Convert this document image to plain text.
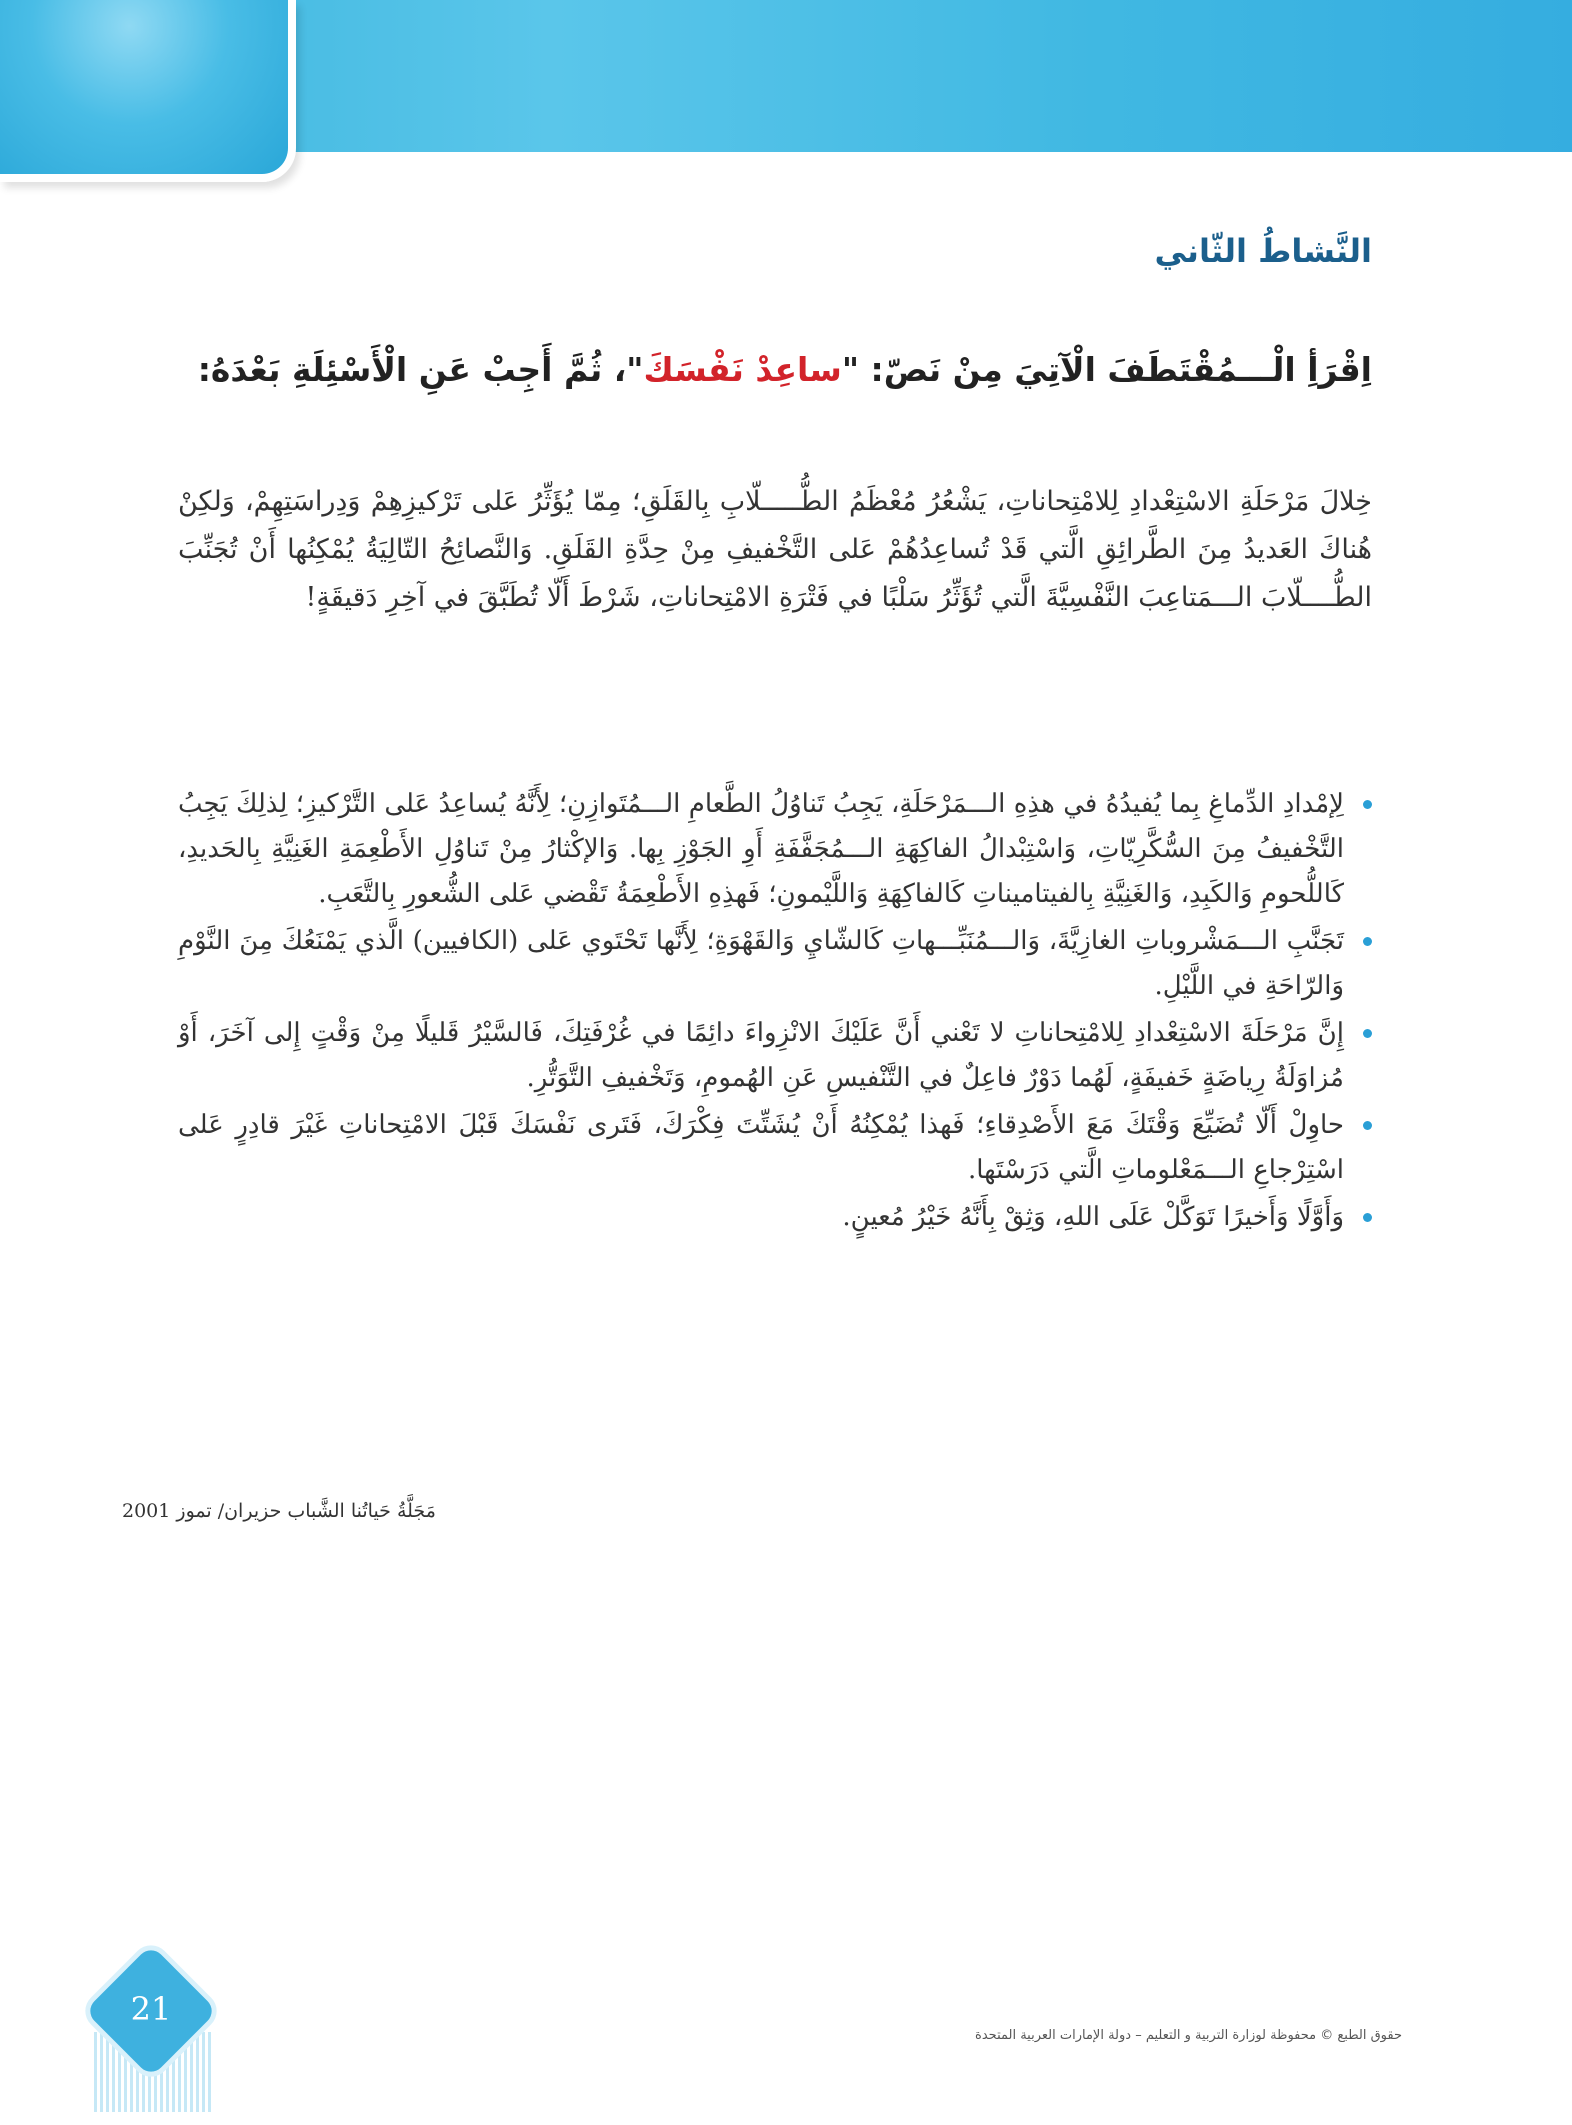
النَّشاطُ الثّاني

اِقْرَأِ الْـــمُقْتَطَفَ الْآتِيَ مِنْ نَصّ: "ساعِدْ نَفْسَكَ"، ثُمَّ أَجِبْ عَنِ الْأَسْئِلَةِ بَعْدَهُ:

خِلالَ مَرْحَلَةِ الاسْتِعْدادِ لِلامْتِحاناتِ، يَشْعُرُ مُعْظَمُ الطُّـــــلّابِ بِالقَلَقِ؛ مِمّا يُؤَثِّرُ عَلى تَرْكيزِهِمْ وَدِراسَتِهِمْ، وَلكِنْ هُناكَ العَديدُ مِنَ الطَّرائِقِ الَّتي قَدْ تُساعِدُهُمْ عَلى التَّخْفيفِ مِنْ حِدَّةِ القَلَقِ. وَالنَّصائِحُ التّالِيَةُ يُمْكِنُها أَنْ تُجَنِّبَ الطُّــــلّابَ الـــمَتاعِبَ النَّفْسِيَّةَ الَّتي تُؤَثِّرُ سَلْبًا في فَتْرَةِ الامْتِحاناتِ، شَرْطَ أَلّا تُطَبَّقَ في آخِرِ دَقيقَةٍ!

لِإمْدادِ الدِّماغِ بِما يُفيدُهُ في هذِهِ الـــمَرْحَلَةِ، يَجِبُ تَناوُلُ الطَّعامِ الـــمُتَوازِنِ؛ لِأَنَّهُ يُساعِدُ عَلى التَّرْكيزِ؛ لِذلِكَ يَجِبُ التَّخْفيفُ مِنَ السُّكَّرِيّاتِ، وَاسْتِبْدالُ الفاكِهَةِ الـــمُجَفَّفَةِ أَوِ الجَوْزِ بِها. وَالإكْثارُ مِنْ تَناوُلِ الأَطْعِمَةِ الغَنِيَّةِ بِالحَديدِ، كَاللُّحومِ وَالكَبِدِ، وَالغَنِيَّةِ بِالفيتاميناتِ كَالفاكِهَةِ وَاللَّيْمونِ؛ فَهذِهِ الأَطْعِمَةُ تَقْضي عَلى الشُّعورِ بِالتَّعَبِ.
تَجَنَّبِ الـــمَشْروباتِ الغازِيَّةَ، وَالـــمُنَبِّـــهاتِ كَالشّايِ وَالقَهْوَةِ؛ لِأَنَّها تَحْتَوي عَلى (الكافيين) الَّذي يَمْنَعُكَ مِنَ النَّوْمِ وَالرّاحَةِ في اللَّيْلِ.
إِنَّ مَرْحَلَةَ الاسْتِعْدادِ لِلامْتِحاناتِ لا تَعْني أَنَّ عَلَيْكَ الانْزِواءَ دائِمًا في غُرْفَتِكَ، فَالسَّيْرُ قَليلًا مِنْ وَقْتٍ إِلى آخَرَ، أَوْ مُزاوَلَةُ رِياضَةٍ خَفيفَةٍ، لَهُما دَوْرٌ فاعِلٌ في التَّنْفيسِ عَنِ الهُمومِ، وَتَخْفيفِ التَّوَتُّرِ.
حاوِلْ أَلّا تُضَيِّعَ وَقْتَكَ مَعَ الأَصْدِقاءِ؛ فَهذا يُمْكِنُهُ أَنْ يُشَتِّتَ فِكْرَكَ، فَتَرى نَفْسَكَ قَبْلَ الامْتِحاناتِ غَيْرَ قادِرٍ عَلى اسْتِرْجاعِ الـــمَعْلوماتِ الَّتي دَرَسْتَها.
وَأَوَّلًا وَأَخيرًا تَوَكَّلْ عَلَى اللهِ، وَثِقْ بِأَنَّهُ خَيْرُ مُعينٍ.

مَجَلَّةُ حَياتُنا الشَّباب حزيران/ تموز 2001

21

حقوق الطبع © محفوظة لوزارة التربية و التعليم – دولة الإمارات العربية المتحدة
